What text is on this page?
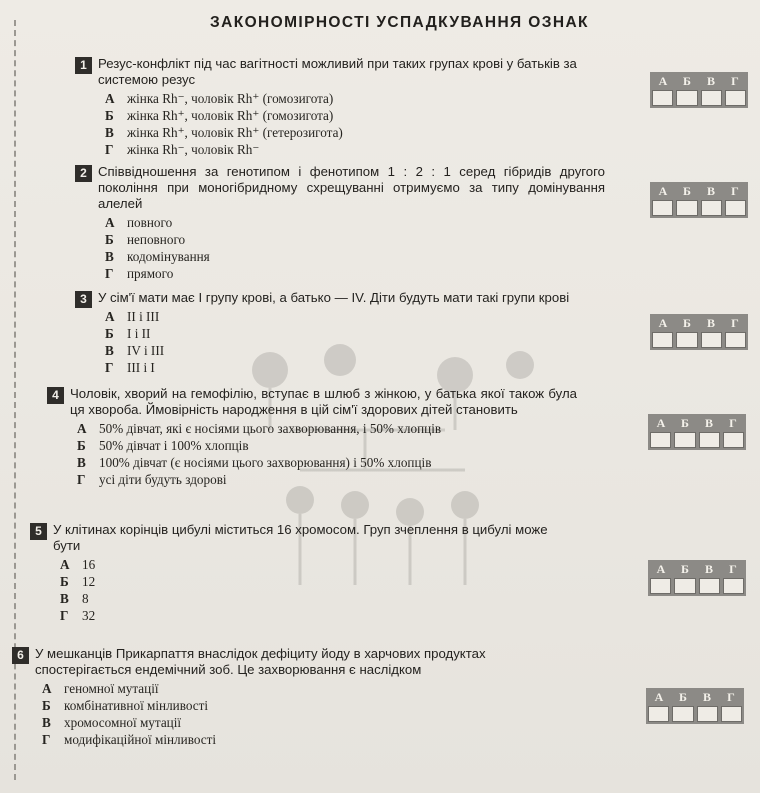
ЗАКОНОМІРНОСТІ УСПАДКУВАННЯ ОЗНАК
1 Резус-конфлікт під час вагітності можливий при таких групах крові у батьків за системою резус
А жінка Rh⁻, чоловік Rh⁺ (гомозигота)
Б жінка Rh⁺, чоловік Rh⁺ (гомозигота)
В жінка Rh⁺, чоловік Rh⁺ (гетерозигота)
Г жінка Rh⁻, чоловік Rh⁻
2 Співвідношення за генотипом і фенотипом 1 : 2 : 1 серед гібридів другого покоління при моногібридному схрещуванні отримуємо за типу домінування алелей
А повного
Б неповного
В кодомінування
Г прямого
3 У сім'ї мати має І групу крові, а батько — IV. Діти будуть мати такі групи крові
А II і III
Б I і II
В IV і III
Г III і I
4 Чоловік, хворий на гемофілію, вступає в шлюб з жінкою, у батька якої також була ця хвороба. Ймовірність народження в цій сім'ї здорових дітей становить
А 50% дівчат, які є носіями цього захворювання, і 50% хлопців
Б 50% дівчат і 100% хлопців
В 100% дівчат (є носіями цього захворювання) і 50% хлопців
Г усі діти будуть здорові
5 У клітинах корінців цибулі міститься 16 хромосом. Груп зчеплення в цибулі може бути
А 16
Б 12
В 8
Г 32
6 У мешканців Прикарпаття внаслідок дефіциту йоду в харчових продуктах спостерігається ендемічний зоб. Це захворювання є наслідком
А геномної мутації
Б комбінативної мінливості
В хромосомної мутації
Г модифікаційної мінливості
А	Б	В	Г
А	Б	В	Г
А	Б	В	Г
А	Б	В	Г
А	Б	В	Г
А	Б	В	Г
